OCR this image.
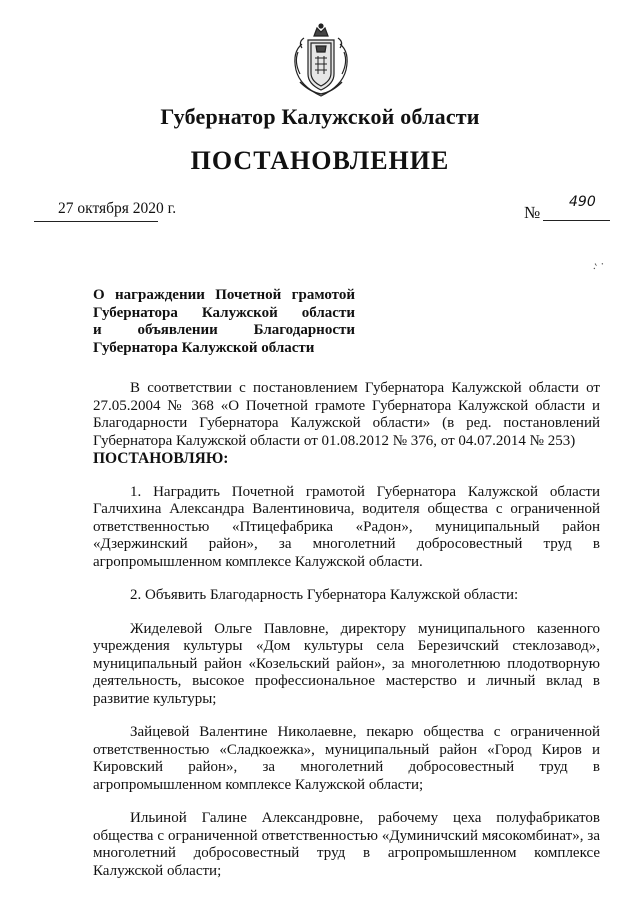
Губернатор Калужской области
ПОСТАНОВЛЕНИЕ
27 октября 2020 г.	№
490
·' ·
О награждении Почетной грамотой
Губернатора Калужской области
и объявлении Благодарности
Губернатора Калужской области

В соответствии с постановлением Губернатора Калужской области от 27.05.2004 № 368 «О Почетной грамоте Губернатора Калужской области и Благодарности Губернатора Калужской области» (в ред. постановлений Губернатора Калужской области от 01.08.2012 № 376, от 04.07.2014 № 253)

ПОСТАНОВЛЯЮ:

1. Наградить Почетной грамотой Губернатора Калужской области Галчихина Александра Валентиновича, водителя общества с ограниченной ответственностью «Птицефабрика «Радон», муниципальный район «Дзержинский район», за многолетний добросовестный труд в агропромышленном комплексе Калужской области.

2. Объявить Благодарность Губернатора Калужской области:

Жиделевой Ольге Павловне, директору муниципального казенного учреждения культуры «Дом культуры села Березичский стеклозавод», муниципальный район «Козельский район», за многолетнюю плодотворную деятельность, высокое профессиональное мастерство и личный вклад в развитие культуры;

Зайцевой Валентине Николаевне, пекарю общества с ограниченной ответственностью «Сладкоежка», муниципальный район «Город Киров и Кировский район», за многолетний добросовестный труд в агропромышленном комплексе Калужской области;

Ильиной Галине Александровне, рабочему цеха полуфабрикатов общества с ограниченной ответственностью «Думиничский мясокомбинат», за многолетний добросовестный труд в агропромышленном комплексе Калужской области;
